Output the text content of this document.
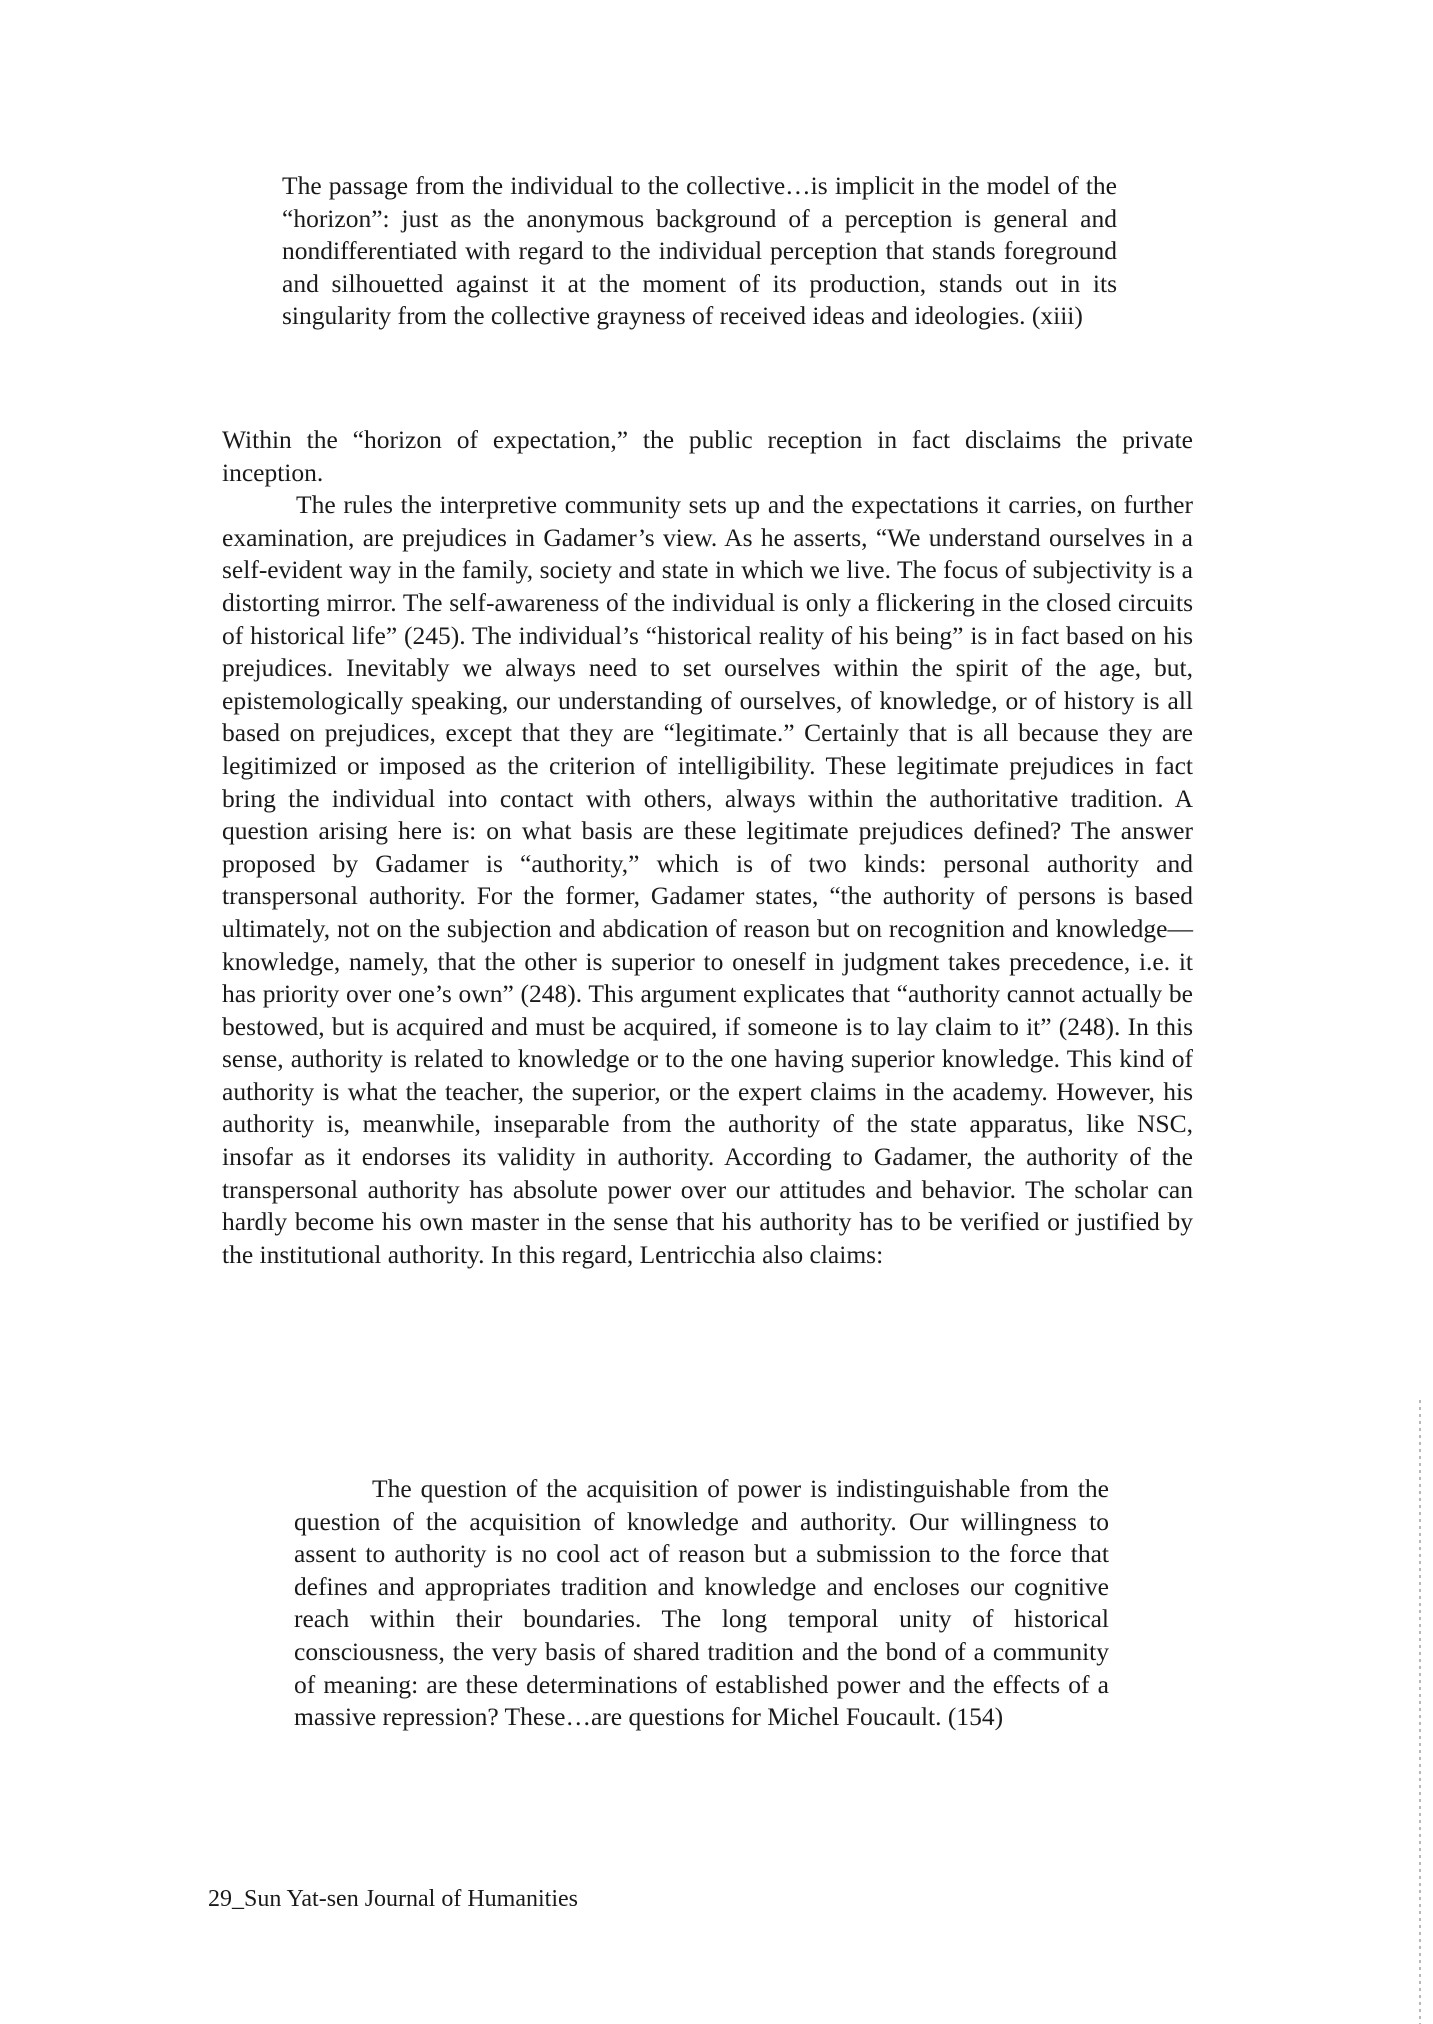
The passage from the individual to the collective…is implicit in the model of the “horizon”: just as the anonymous background of a perception is general and nondifferentiated with regard to the individual perception that stands foreground and silhouetted against it at the moment of its production, stands out in its singularity from the collective grayness of received ideas and ideologies. (xiii)

Within the “horizon of expectation,” the public reception in fact disclaims the private inception.

The rules the interpretive community sets up and the expectations it carries, on further examination, are prejudices in Gadamer’s view. As he asserts, “We understand ourselves in a self-evident way in the family, society and state in which we live. The focus of subjectivity is a distorting mirror. The self-awareness of the individual is only a flickering in the closed circuits of historical life” (245). The individual’s “historical reality of his being” is in fact based on his prejudices. Inevitably we always need to set ourselves within the spirit of the age, but, epistemologically speaking, our understanding of ourselves, of knowledge, or of history is all based on prejudices, except that they are “legitimate.” Certainly that is all because they are legitimized or imposed as the criterion of intelligibility. These legitimate prejudices in fact bring the individual into contact with others, always within the authoritative tradition. A question arising here is: on what basis are these legitimate prejudices defined? The answer proposed by Gadamer is “authority,” which is of two kinds: personal authority and transpersonal authority. For the former, Gadamer states, “the authority of persons is based ultimately, not on the subjection and abdication of reason but on recognition and knowledge—knowledge, namely, that the other is superior to oneself in judgment takes precedence, i.e. it has priority over one’s own” (248). This argument explicates that “authority cannot actually be bestowed, but is acquired and must be acquired, if someone is to lay claim to it” (248). In this sense, authority is related to knowledge or to the one having superior knowledge. This kind of authority is what the teacher, the superior, or the expert claims in the academy. However, his authority is, meanwhile, inseparable from the authority of the state apparatus, like NSC, insofar as it endorses its validity in authority. According to Gadamer, the authority of the transpersonal authority has absolute power over our attitudes and behavior. The scholar can hardly become his own master in the sense that his authority has to be verified or justified by the institutional authority. In this regard, Lentricchia also claims:

The question of the acquisition of power is indistinguishable from the question of the acquisition of knowledge and authority. Our willingness to assent to authority is no cool act of reason but a submission to the force that defines and appropriates tradition and knowledge and encloses our cognitive reach within their boundaries. The long temporal unity of historical consciousness, the very basis of shared tradition and the bond of a community of meaning: are these determinations of established power and the effects of a massive repression? These…are questions for Michel Foucault. (154)

29_Sun Yat-sen Journal of Humanities
